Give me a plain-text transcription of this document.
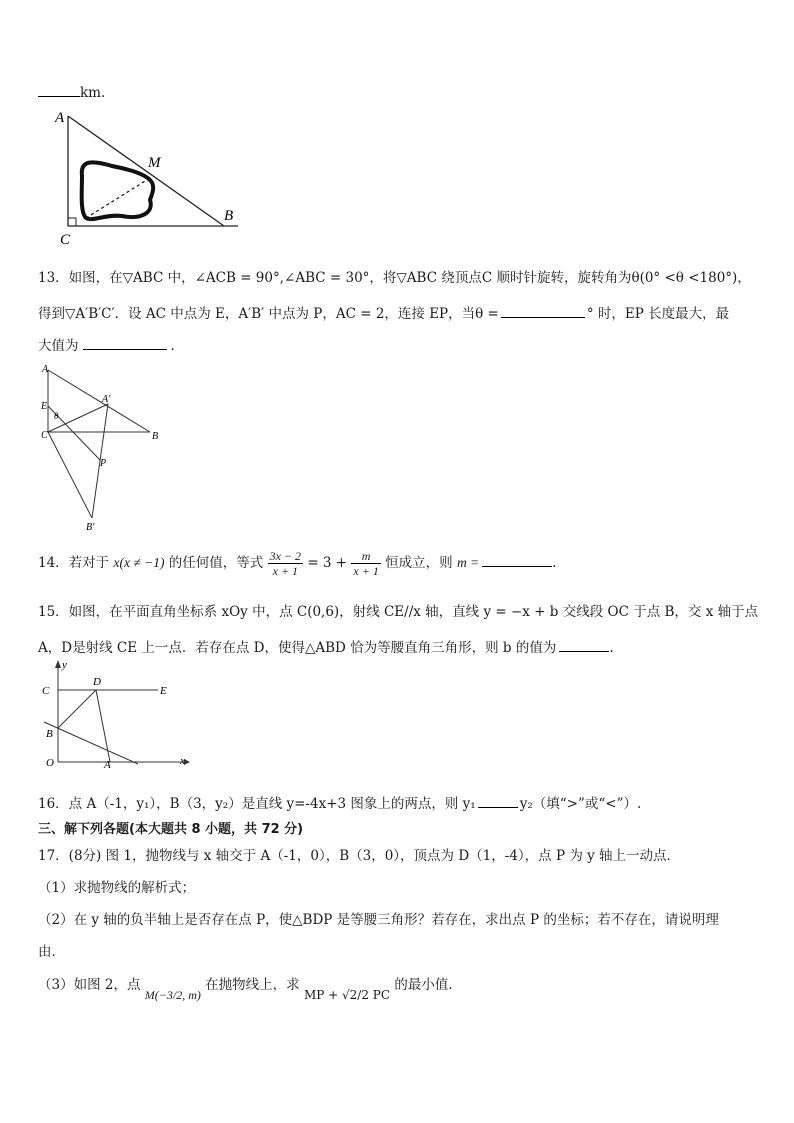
km.
A
M
C
B
13．如图，在▽ABC 中，∠ACB = 90°,∠ABC = 30°，将▽ABC 绕顶点C 顺时针旋转，旋转角为θ(0° <θ <180°)，
得到▽A′B′C′．设 AC 中点为 E，A′B′ 中点为 P，AC = 2，连接 EP，当θ =	° 时，EP 长度最大，最
大值为	．
A
E
θ
C
A′
B
P
B′
14．若对于 x(x ≠ −1) 的任何值，等式 $\frac{3x - 2}{x + 1} = 3 + \frac{m}{x + 1}$ 恒成立，则 m =	.
15．如图，在平面直角坐标系 xOy 中，点 C(0,6)，射线 CE//x 轴，直线 y = −x + b 交线段 OC 于点 B，交 x 轴于点
A，D是射线 CE 上一点．若存在点 D，使得△ABD 恰为等腰直角三角形，则 b 的值为	.
y
C
D
E
B
O	A	x
16．点 A（-1，y₁），B（3，y₂）是直线 y=-4x+3 图象上的两点，则 y₁	y₂（填“>”或“<”）.
三、解下列各题(本大题共 8 小题，共 72 分)
17．(8分) 图 1，抛物线与 x 轴交于 A（-1，0），B（3，0），顶点为 D（1，-4），点 P 为 y 轴上一动点．
（1）求抛物线的解析式；
（2）在 y 轴的负半轴上是否存在点 P，使△BDP 是等腰三角形？若存在，求出点 P 的坐标；若不存在，请说明理
由．
（3）如图 2，点 M(−3/2, m) 在抛物线上，求 MP + √2/2 PC 的最小值．
